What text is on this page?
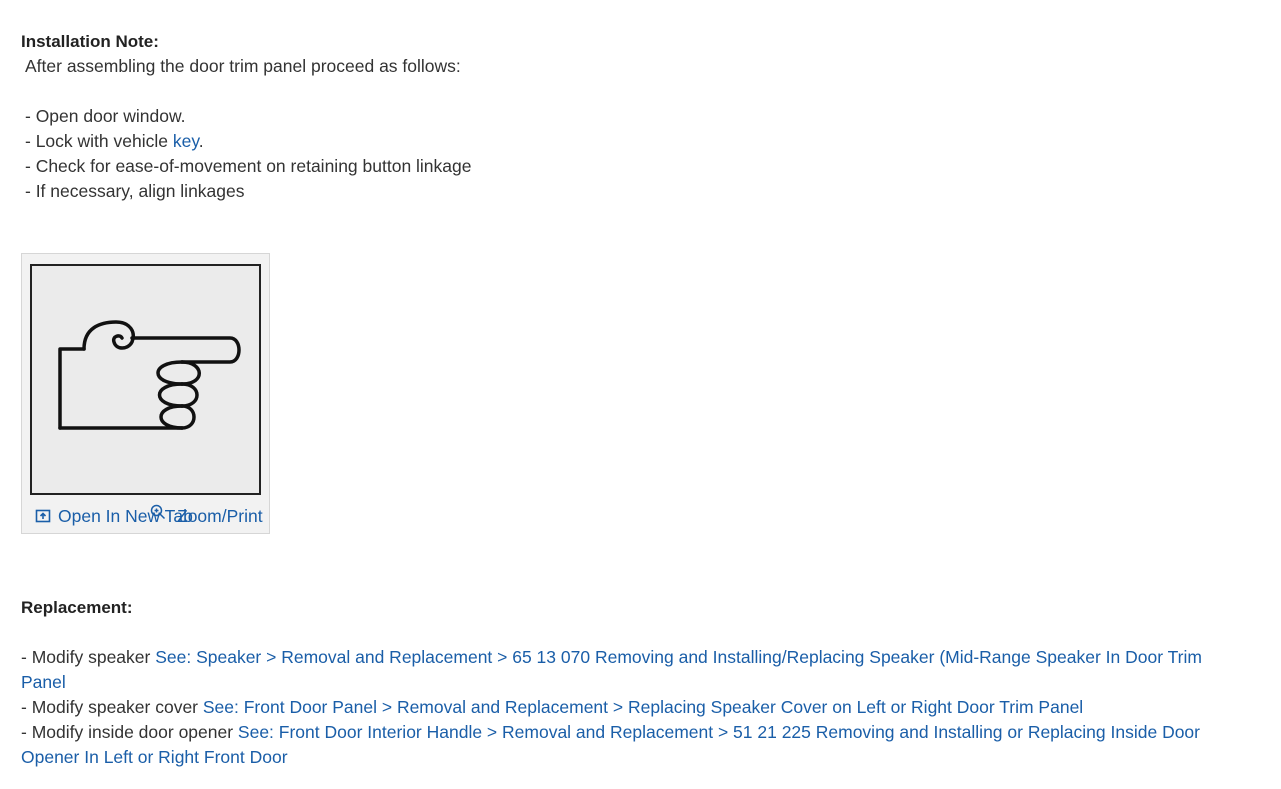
Installation Note:
After assembling the door trim panel proceed as follows:
- Open door window.
- Lock with vehicle key.
- Check for ease-of-movement on retaining button linkage
- If necessary, align linkages
Open In New Tab
Zoom/Print
Replacement:
- Modify speaker See: Speaker > Removal and Replacement > 65 13 070 Removing and Installing/Replacing Speaker (Mid-Range Speaker In Door Trim Panel
- Modify speaker cover See: Front Door Panel > Removal and Replacement > Replacing Speaker Cover on Left or Right Door Trim Panel
- Modify inside door opener See: Front Door Interior Handle > Removal and Replacement > 51 21 225 Removing and Installing or Replacing Inside Door Opener In Left or Right Front Door
